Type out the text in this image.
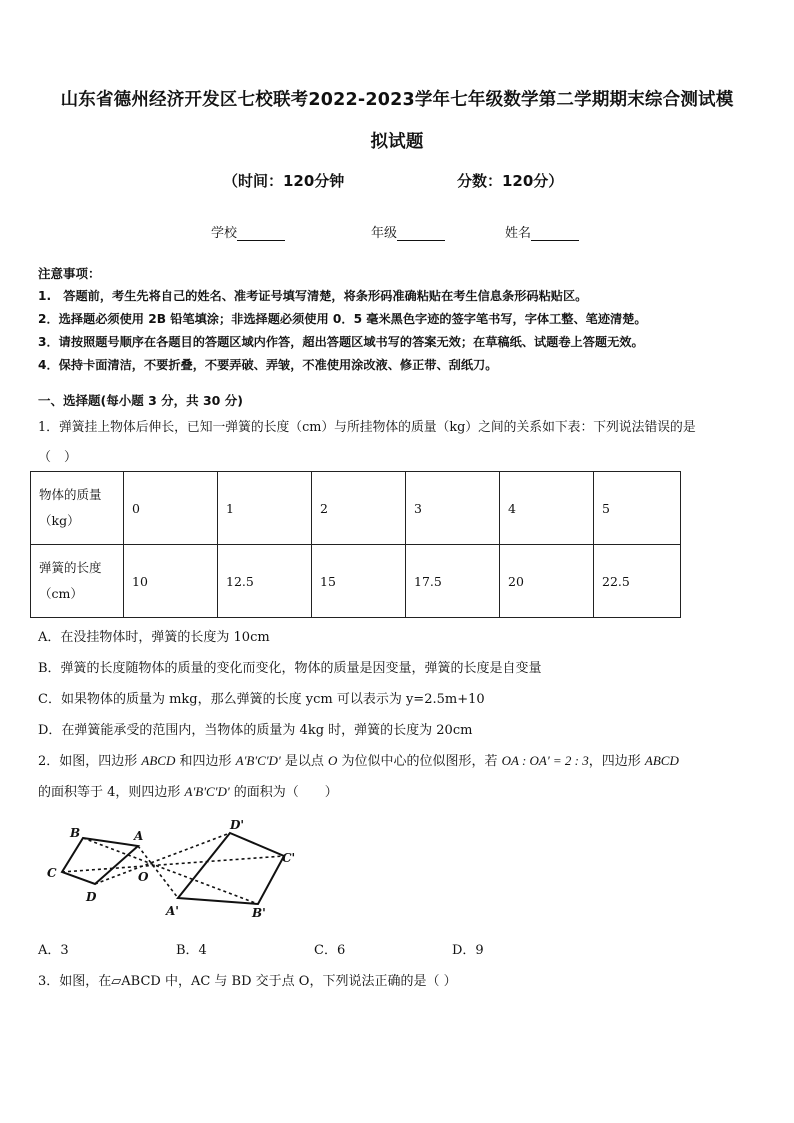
山东省德州经济开发区七校联考2022-2023学年七年级数学第二学期期末综合测试模
拟试题
（时间：120分钟	分数：120分）
学校	年级	姓名
注意事项：
1.　答题前，考生先将自己的姓名、准考证号填写清楚，将条形码准确粘贴在考生信息条形码粘贴区。
2．选择题必须使用 2B 铅笔填涂；非选择题必须使用 0．5 毫米黑色字迹的签字笔书写，字体工整、笔迹清楚。
3．请按照题号顺序在各题目的答题区域内作答，超出答题区域书写的答案无效；在草稿纸、试题卷上答题无效。
4．保持卡面清洁，不要折叠，不要弄破、弄皱，不准使用涂改液、修正带、刮纸刀。
一、选择题(每小题 3 分，共 30 分)
1．弹簧挂上物体后伸长，已知一弹簧的长度（cm）与所挂物体的质量（kg）之间的关系如下表：下列说法错误的是
（　）
物体的质量
（kg）	0	1	2	3	4	5
弹簧的长度
（cm）	10	12.5	15	17.5	20	22.5
A．在没挂物体时，弹簧的长度为 10cm
B．弹簧的长度随物体的质量的变化而变化，物体的质量是因变量，弹簧的长度是自变量
C．如果物体的质量为 mkg，那么弹簧的长度 ycm 可以表示为 y=2.5m+10
D．在弹簧能承受的范围内，当物体的质量为 4kg 时，弹簧的长度为 20cm
2．如图，四边形 ABCD 和四边形 A'B'C'D' 是以点 O 为位似中心的位似图形，若 OA : OA' = 2 : 3，四边形 ABCD
的面积等于 4，则四边形 A'B'C'D' 的面积为（　　）
B	A
C
D
O
D'
C'
A'	B'
A．3	B．4	C．6	D．9
3．如图，在▱ABCD 中，AC 与 BD 交于点 O，下列说法正确的是（ ）
